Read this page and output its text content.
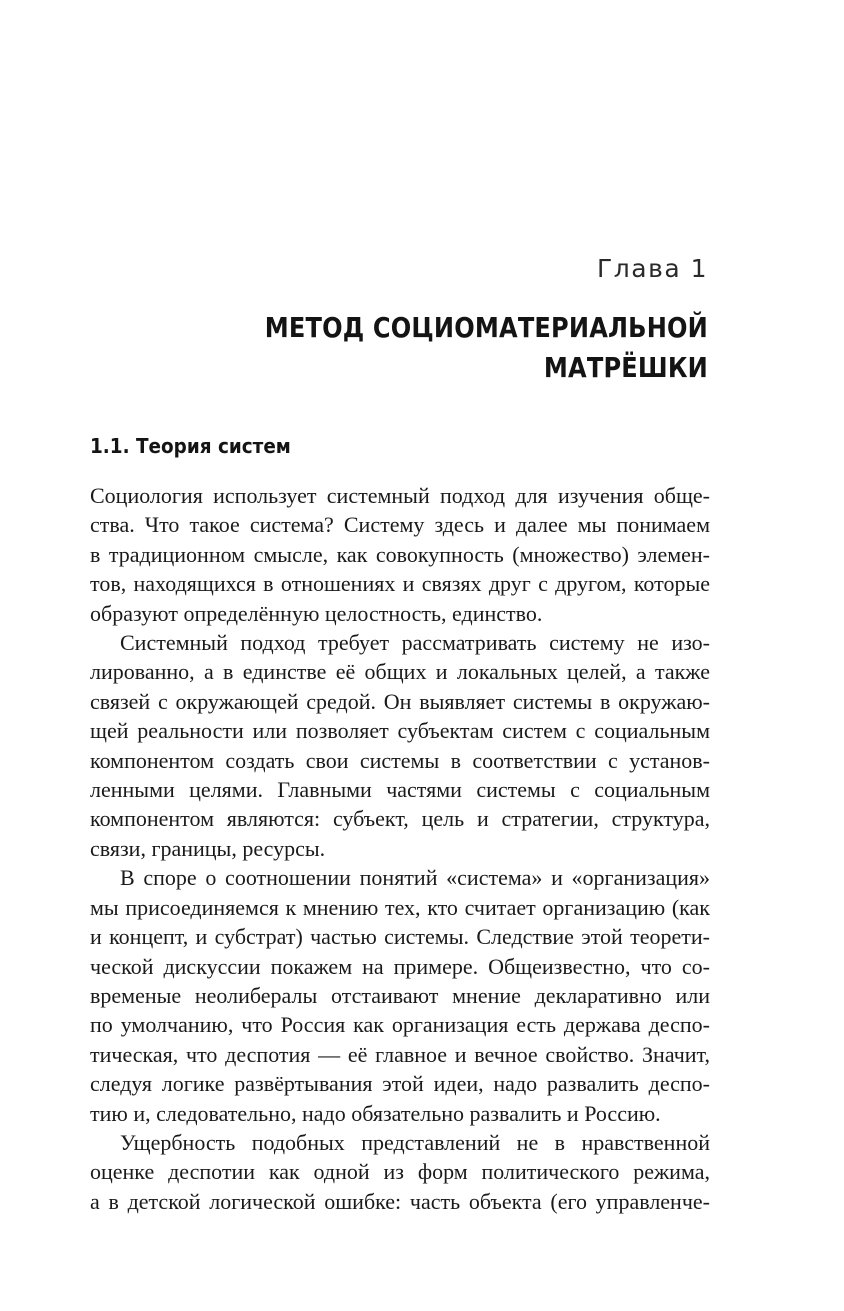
Глава 1
МЕТОД СОЦИОМАТЕРИАЛЬНОЙ
МАТРЁШКИ
1.1. Теория систем

Социология использует системный подход для изучения обще-
ства. Что такое система? Систему здесь и далее мы понимаем
в традиционном смысле, как совокупность (множество) элемен-
тов, находящихся в отношениях и связях друг с другом, которые
образуют определённую целостность, единство.

Системный подход требует рассматривать систему не изо-
лированно, а в единстве её общих и локальных целей, а также
связей с окружающей средой. Он выявляет системы в окружаю-
щей реальности или позволяет субъектам систем с социальным
компонентом создать свои системы в соответствии с установ-
ленными целями. Главными частями системы с социальным
компонентом являются: субъект, цель и стратегии, структура,
связи, границы, ресурсы.

В споре о соотношении понятий «система» и «организация»
мы присоединяемся к мнению тех, кто считает организацию (как
и концепт, и субстрат) частью системы. Следствие этой теорети-
ческой дискуссии покажем на примере. Общеизвестно, что со-
временые неолибералы отстаивают мнение декларативно или
по умолчанию, что Россия как организация есть держава деспо-
тическая, что деспотия — её главное и вечное свойство. Значит,
следуя логике развёртывания этой идеи, надо развалить деспо-
тию и, следовательно, надо обязательно развалить и Россию.

Ущербность подобных представлений не в нравственной
оценке деспотии как одной из форм политического режима,
а в детской логической ошибке: часть объекта (его управленче-
